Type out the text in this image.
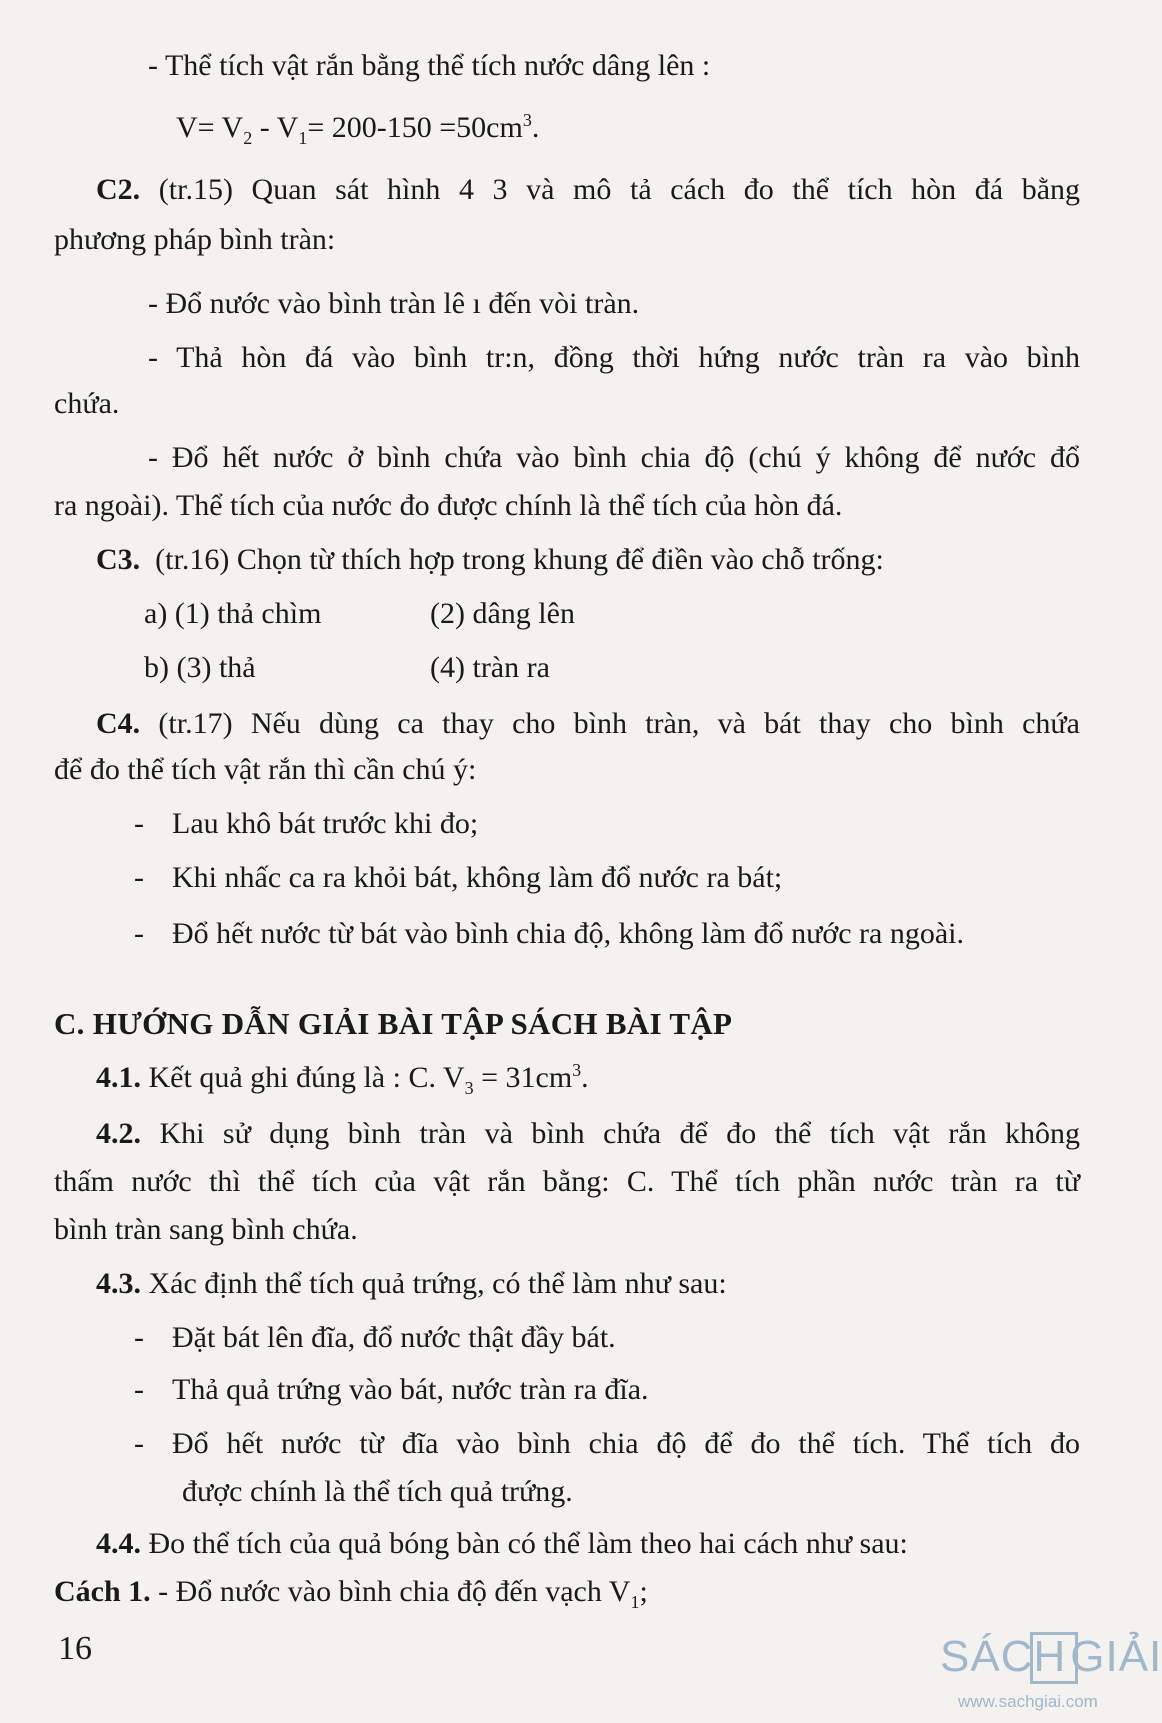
- Thể tích vật rắn bằng thể tích nước dâng lên :
$V= V_2 - V_1= 200-150 =50cm^3$.
C2. (tr.15) Quan sát hình 4 3 và mô tả cách đo thể tích hòn đá bằng
phương pháp bình tràn:
- Đổ nước vào bình tràn lê ı đến vòi tràn.
- Thả hòn đá vào bình tr:n, đồng thời hứng nước tràn ra vào bình
chứa.
- Đổ hết nước ở bình chứa vào bình chia độ (chú ý không để nước đổ
ra ngoài). Thể tích của nước đo được chính là thể tích của hòn đá.
C3. (tr.16) Chọn từ thích hợp trong khung để điền vào chỗ trống:
a) (1) thả chìm	(2) dâng lên
b) (3) thả	(4) tràn ra
C4. (tr.17) Nếu dùng ca thay cho bình tràn, và bát thay cho bình chứa
để đo thể tích vật rắn thì cần chú ý:
- Lau khô bát trước khi đo;
- Khi nhấc ca ra khỏi bát, không làm đổ nước ra bát;
- Đổ hết nước từ bát vào bình chia độ, không làm đổ nước ra ngoài.
C. HƯỚNG DẪN GIẢI BÀI TẬP SÁCH BÀI TẬP
4.1. Kết quả ghi đúng là : C. $V_3 = 31cm^3$.
4.2. Khi sử dụng bình tràn và bình chứa để đo thể tích vật rắn không
thấm nước thì thể tích của vật rắn bằng: C. Thể tích phần nước tràn ra từ
bình tràn sang bình chứa.
4.3. Xác định thể tích quả trứng, có thể làm như sau:
- Đặt bát lên đĩa, đổ nước thật đầy bát.
- Thả quả trứng vào bát, nước tràn ra đĩa.
- Đổ hết nước từ đĩa vào bình chia độ để đo thể tích. Thể tích đo
được chính là thể tích quả trứng.
4.4. Đo thể tích của quả bóng bàn có thể làm theo hai cách như sau:
Cách 1. - Đổ nước vào bình chia độ đến vạch $V_1$;
16	SÁCHGIẢI
www.sachgiai.com
